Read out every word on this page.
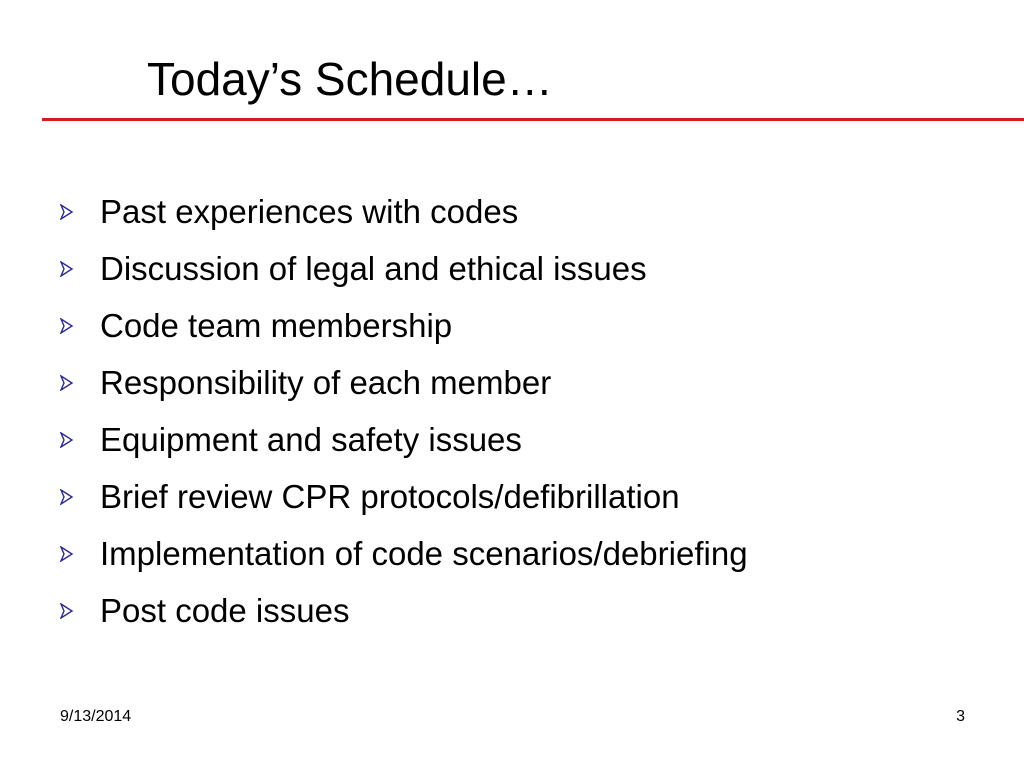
Today’s Schedule…
Past experiences with codes
Discussion of legal and ethical issues
Code team membership
Responsibility of each member
Equipment and safety issues
Brief review CPR protocols/defibrillation
Implementation of code scenarios/debriefing
Post code issues
9/13/2014	3
